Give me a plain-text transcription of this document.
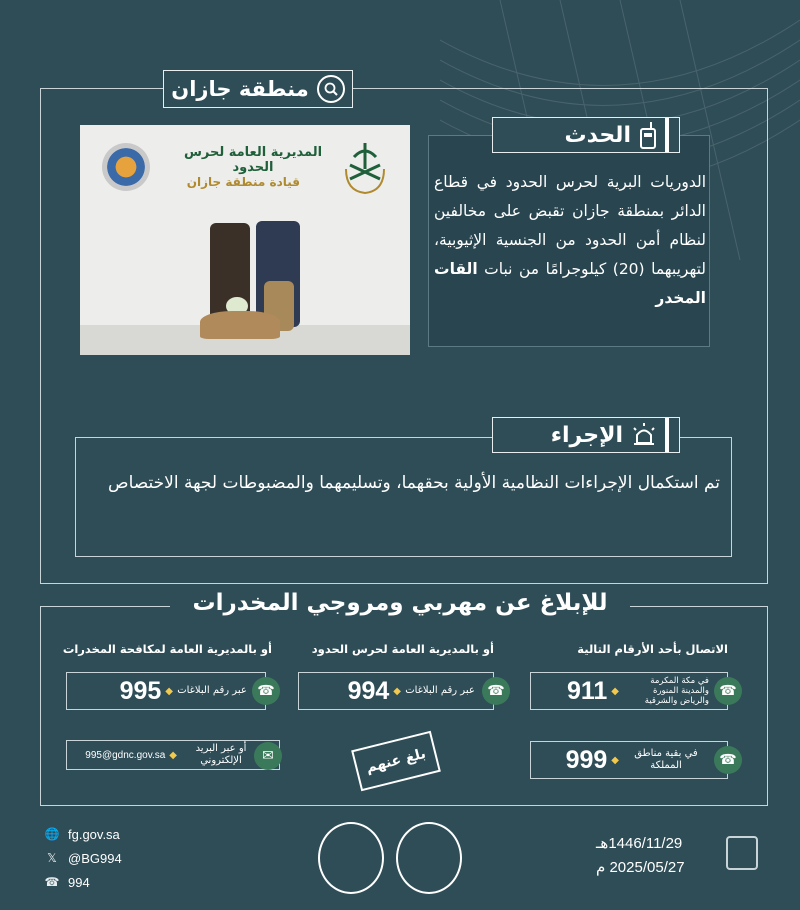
منطقة جازان
المديرية العامة لحرس الحدود
قيادة منطقة جازان
الحدث
الدوريات البرية لحرس الحدود في قطاع الدائر بمنطقة جازان تقبض على مخالفين لنظام أمن الحدود من الجنسية الإثيوبية، لتهريبهما (20) كيلوجرامًا من نبات القات المخدر
الإجراء
تم استكمال الإجراءات النظامية الأولية بحقهما، وتسليمهما والمضبوطات لجهة الاختصاص
للإبلاغ عن مهربي ومروجي المخدرات
الاتصال بأحد الأرقام التالية
أو بالمديرية العامة لحرس الحدود
أو بالمديرية العامة لمكافحة المخدرات
في مكة المكرمة والمدينة المنورة والرياض والشرقية
◆
911	☎
في بقية مناطق المملكة
◆
999	☎
عبر رقم البلاغات
◆
994	☎
عبر رقم البلاغات
◆
995	☎
أو عبر البريد الإلكتروني
◆
995@gdnc.gov.sa	✉	بلغ عنهم
🌐 fg.gov.sa
𝕏 @BG994
☎ 994
1446/11/29هـ
2025/05/27 م
